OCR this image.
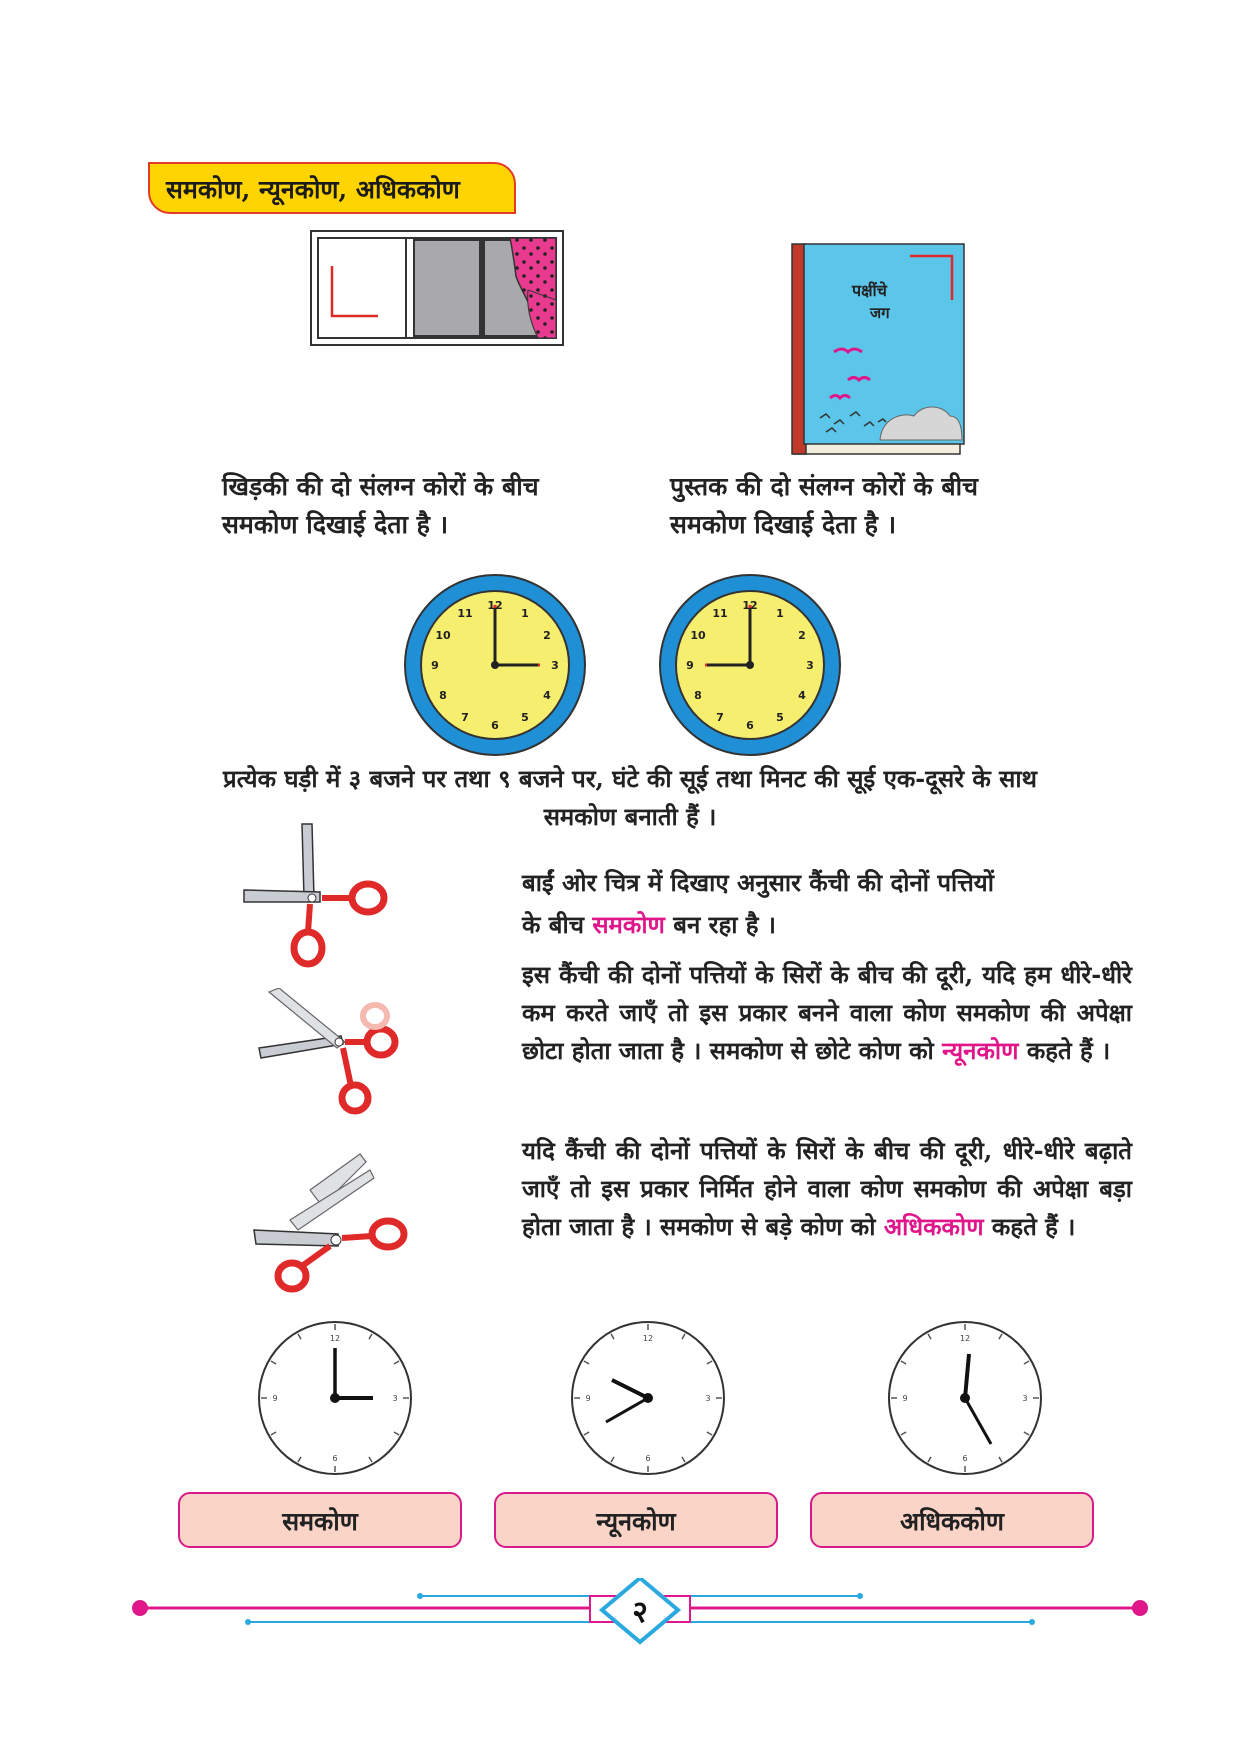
समकोण, न्यूनकोण, अधिककोण
पक्षींचे
जग
खिड़की की दो संलग्न कोरों के बीच
समकोण दिखाई देता है ।
पुस्तक की दो संलग्न कोरों के बीच
समकोण दिखाई देता है ।
12
1
2
3
4
5
6
7
8
9
10
11
12
1
2
3
4
5
6
7
8
9
10
11
प्रत्येक घड़ी में ३ बजने पर तथा ९ बजने पर, घंटे की सूई तथा मिनट की सूई एक-दूसरे के साथ
समकोण बनाती हैं ।
बाईं ओर चित्र में दिखाए अनुसार कैंची की दोनों पत्तियों
के बीच समकोण बन रहा है ।
इस कैंची की दोनों पत्तियों के सिरों के बीच की दूरी, यदि हम धीरे-धीरे कम करते जाएँ तो इस प्रकार बनने वाला कोण समकोण की अपेक्षा छोटा होता जाता है । समकोण से छोटे कोण को न्यूनकोण कहते हैं ।
यदि कैंची की दोनों पत्तियों के सिरों के बीच की दूरी, धीरे-धीरे बढ़ाते जाएँ तो इस प्रकार निर्मित होने वाला कोण समकोण की अपेक्षा बड़ा होता जाता है । समकोण से बड़े कोण को अधिककोण कहते हैं ।
12
3
6
9
12
3
6
9
12
3
6
9
समकोण	न्यूनकोण	अधिककोण
२
